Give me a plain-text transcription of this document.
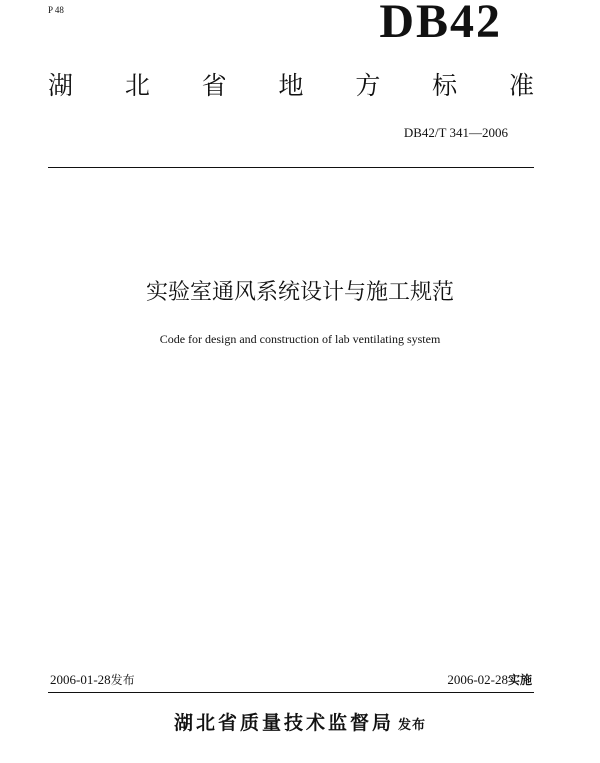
P 48	DB42
湖 北 省 地 方 标 准
DB42/T 341—2006
实验室通风系统设计与施工规范
Code for design and construction of lab ventilating system
2006-01-28发布	2006-02-28实施
湖北省质量技术监督局 发布
